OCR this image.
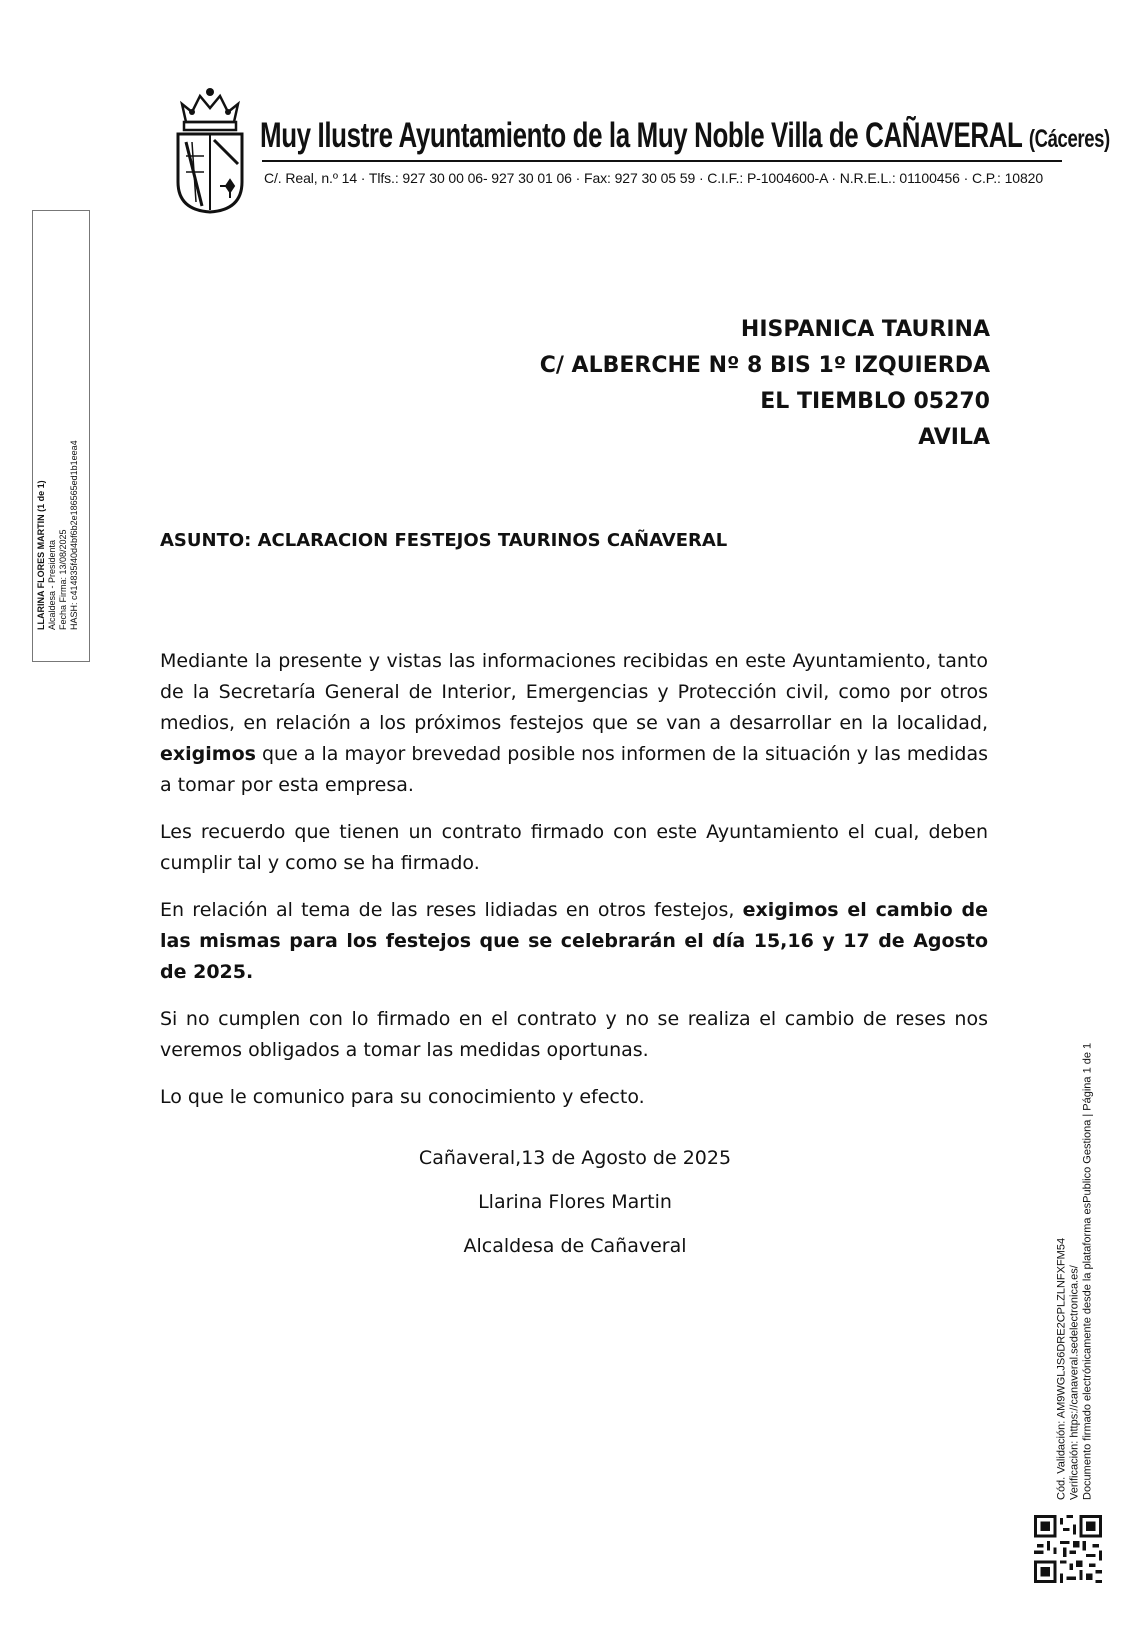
Muy Ilustre Ayuntamiento de la Muy Noble Villa de CAÑAVERAL (Cáceres)
C/. Real, n.º 14 · Tlfs.: 927 30 00 06- 927 30 01 06 · Fax: 927 30 05 59 · C.I.F.: P-1004600-A · N.R.E.L.: 01100456 · C.P.: 10820
LLARINA FLORES MARTIN (1 de 1) Alcaldesa - Presidenta Fecha Firma: 13/08/2025 HASH: c414835f40d4bf6b2e186565ed1b1eea4
HISPANICA TAURINA
C/ ALBERCHE Nº 8 BIS 1º IZQUIERDA
EL TIEMBLO 05270
AVILA
ASUNTO: ACLARACION FESTEJOS TAURINOS CAÑAVERAL

Mediante la presente y vistas las informaciones recibidas en este Ayuntamiento, tanto de la Secretaría General de Interior, Emergencias y Protección civil, como por otros medios, en relación a los próximos festejos que se van a desarrollar en la localidad, exigimos que a la mayor brevedad posible nos informen de la situación y las medidas a tomar por esta empresa.

Les recuerdo que tienen un contrato firmado con este Ayuntamiento el cual, deben cumplir tal y como se ha firmado.

En relación al tema de las reses lidiadas en otros festejos, exigimos el cambio de las mismas para los festejos que se celebrarán el día 15,16 y 17 de Agosto de 2025.

Si no cumplen con lo firmado en el contrato y no se realiza el cambio de reses nos veremos obligados a tomar las medidas oportunas.

Lo que le comunico para su conocimiento y efecto.

Cañaveral,13 de Agosto de 2025
Llarina Flores Martin
Alcaldesa de Cañaveral	Cód. Validación: AM9WGLJS6DRE2CPLZLNFXFM54 Verificación: https://canaveral.sedelectronica.es/ Documento firmado electrónicamente desde la plataforma esPublico Gestiona | Página 1 de 1
